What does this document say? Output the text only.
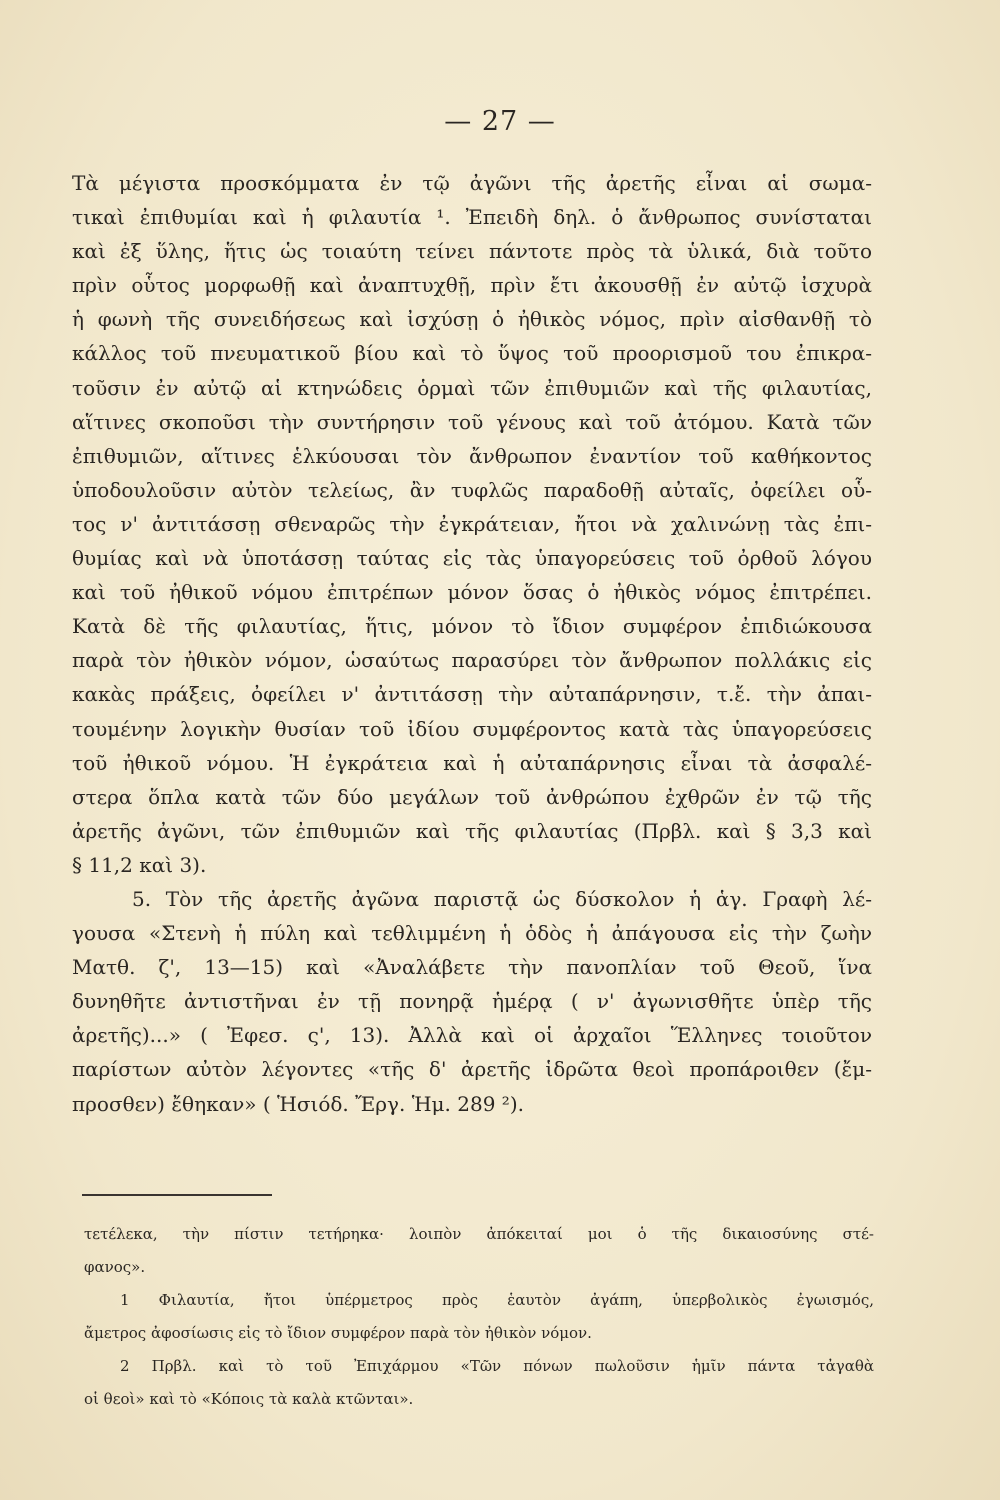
— 27 —
Τὰ μέγιστα προσκόμματα ἐν τῷ ἀγῶνι τῆς ἀρετῆς εἶναι αἱ σωμα-
τικαὶ ἐπιθυμίαι καὶ ἡ φιλαυτία ¹. Ἐπειδὴ δηλ. ὁ ἄνθρωπος συνίσταται
καὶ ἐξ ὕλης, ἥτις ὡς τοιαύτη τείνει πάντοτε πρὸς τὰ ὑλικά, διὰ τοῦτο
πρὶν οὗτος μορφωθῇ καὶ ἀναπτυχθῇ, πρὶν ἔτι ἀκουσθῇ ἐν αὐτῷ ἰσχυρὰ
ἡ φωνὴ τῆς συνειδήσεως καὶ ἰσχύσῃ ὁ ἠθικὸς νόμος, πρὶν αἰσθανθῇ τὸ
κάλλος τοῦ πνευματικοῦ βίου καὶ τὸ ὕψος τοῦ προορισμοῦ του ἐπικρα-
τοῦσιν ἐν αὐτῷ αἱ κτηνώδεις ὁρμαὶ τῶν ἐπιθυμιῶν καὶ τῆς φιλαυτίας,
αἵτινες σκοποῦσι τὴν συντήρησιν τοῦ γένους καὶ τοῦ ἀτόμου. Κατὰ τῶν
ἐπιθυμιῶν, αἵτινες ἑλκύουσαι τὸν ἄνθρωπον ἐναντίον τοῦ καθήκοντος
ὑποδουλοῦσιν αὐτὸν τελείως, ἂν τυφλῶς παραδοθῇ αὐταῖς, ὀφείλει οὗ-
τος ν' ἀντιτάσσῃ σθεναρῶς τὴν ἐγκράτειαν, ἤτοι νὰ χαλινώνῃ τὰς ἐπι-
θυμίας καὶ νὰ ὑποτάσσῃ ταύτας εἰς τὰς ὑπαγορεύσεις τοῦ ὀρθοῦ λόγου
καὶ τοῦ ἠθικοῦ νόμου ἐπιτρέπων μόνον ὅσας ὁ ἠθικὸς νόμος ἐπιτρέπει.
Κατὰ δὲ τῆς φιλαυτίας, ἥτις, μόνον τὸ ἴδιον συμφέρον ἐπιδιώκουσα
παρὰ τὸν ἠθικὸν νόμον, ὡσαύτως παρασύρει τὸν ἄνθρωπον πολλάκις εἰς
κακὰς πράξεις, ὀφείλει ν' ἀντιτάσσῃ τὴν αὐταπάρνησιν, τ.ἔ. τὴν ἀπαι-
τουμένην λογικὴν θυσίαν τοῦ ἰδίου συμφέροντος κατὰ τὰς ὑπαγορεύσεις
τοῦ ἠθικοῦ νόμου. Ἡ ἐγκράτεια καὶ ἡ αὐταπάρνησις εἶναι τὰ ἀσφαλέ-
στερα ὅπλα κατὰ τῶν δύο μεγάλων τοῦ ἀνθρώπου ἐχθρῶν ἐν τῷ τῆς
ἀρετῆς ἀγῶνι, τῶν ἐπιθυμιῶν καὶ τῆς φιλαυτίας (Πρβλ. καὶ § 3,3 καὶ
§ 11,2 καὶ 3).
5. Τὸν τῆς ἀρετῆς ἀγῶνα παριστᾷ ὡς δύσκολον ἡ ἁγ. Γραφὴ λέ-
γουσα «Στενὴ ἡ πύλη καὶ τεθλιμμένη ἡ ὁδὸς ἡ ἀπάγουσα εἰς τὴν ζωὴν
Ματθ. ζ', 13—15) καὶ «Ἀναλάβετε τὴν πανοπλίαν τοῦ Θεοῦ, ἵνα
δυνηθῆτε ἀντιστῆναι ἐν τῇ πονηρᾷ ἡμέρᾳ ( ν' ἀγωνισθῆτε ὑπὲρ τῆς
ἀρετῆς)...» ( Ἐφεσ. ς', 13). Ἀλλὰ καὶ οἱ ἀρχαῖοι Ἕλληνες τοιοῦτον
παρίστων αὐτὸν λέγοντες «τῆς δ' ἀρετῆς ἱδρῶτα θεοὶ προπάροιθεν (ἔμ-
προσθεν) ἔθηκαν» ( Ἡσιόδ. Ἔργ. Ἡμ. 289 ²).
τετέλεκα, τὴν πίστιν τετήρηκα· λοιπὸν ἀπόκειταί μοι ὁ τῆς δικαιοσύνης στέ-
φανος».
1 Φιλαυτία, ἤτοι ὑπέρμετρος πρὸς ἑαυτὸν ἀγάπη, ὑπερβολικὸς ἐγωισμός,
ἄμετρος ἀφοσίωσις εἰς τὸ ἴδιον συμφέρον παρὰ τὸν ἠθικὸν νόμον.
2 Πρβλ. καὶ τὸ τοῦ Ἐπιχάρμου «Τῶν πόνων πωλοῦσιν ἡμῖν πάντα τἀγαθὰ
οἱ θεοὶ» καὶ τὸ «Κόποις τὰ καλὰ κτῶνται».
